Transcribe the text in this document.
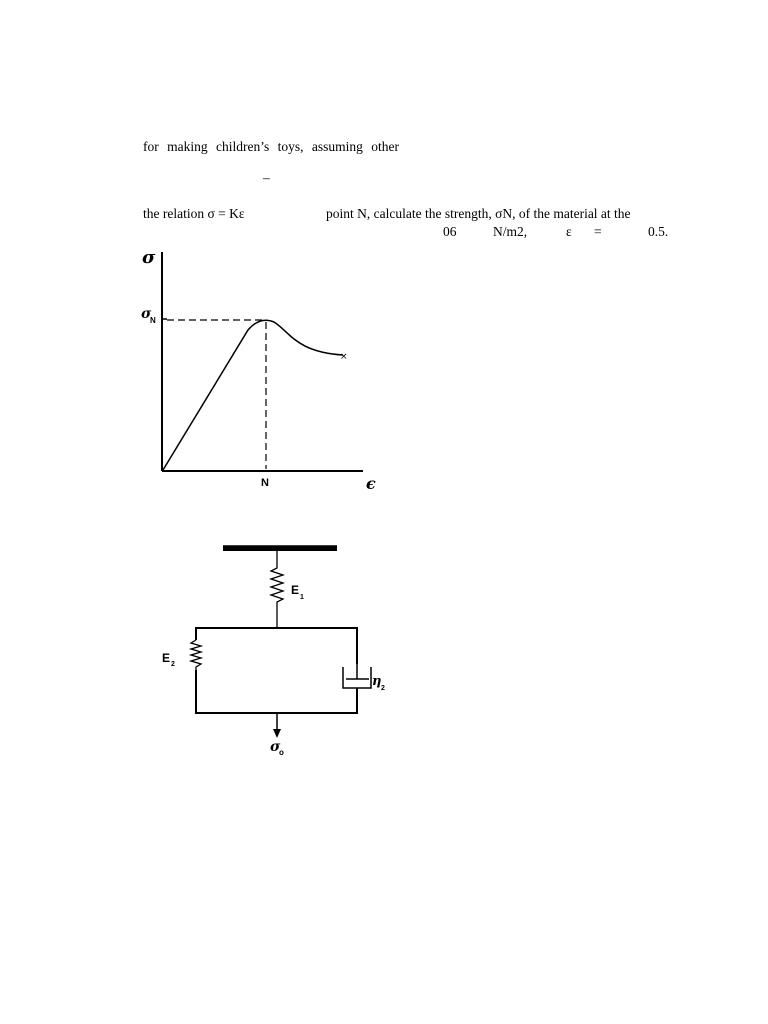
for making children’s toys, assuming other
–
the relation σ = Kε	point N, calculate the strength, σN, of the material at the
06	N/m2,	ε =	0.5.
×
σ
σ
N
N	ϵ
E
1
E 2
η 2
σ
o
